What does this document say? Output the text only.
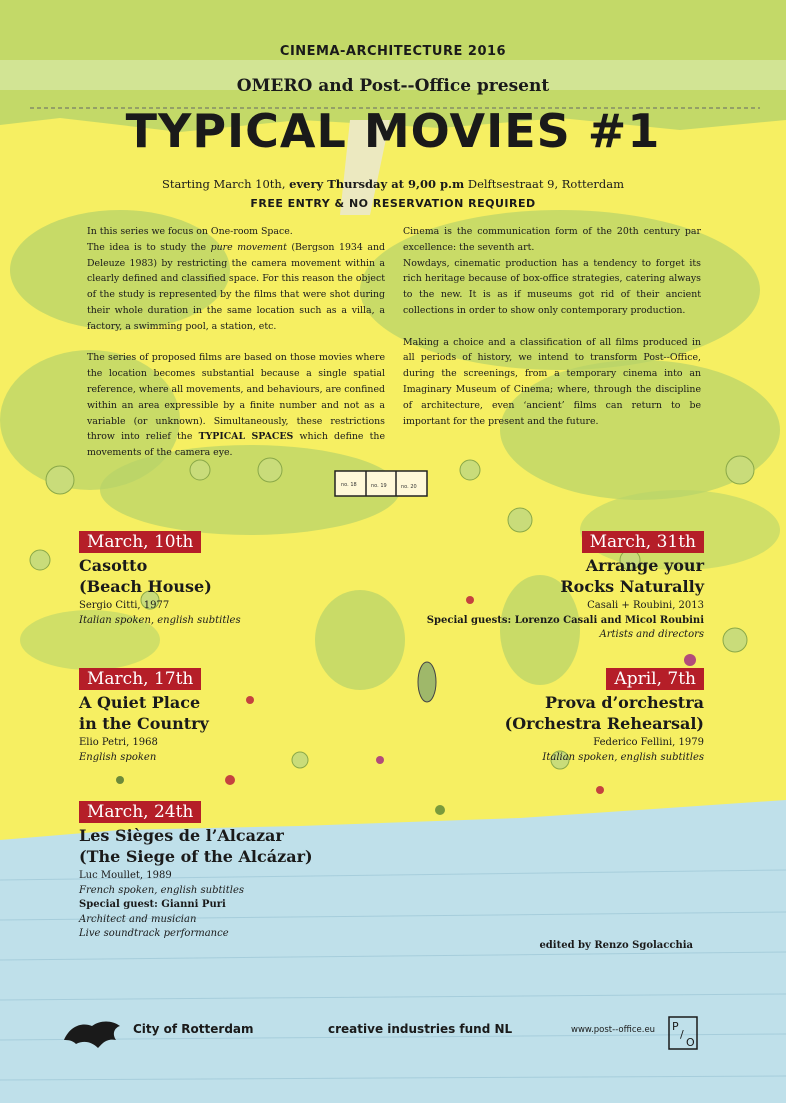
no. 18	no. 19	no. 20
CINEMA-ARCHITECTURE 2016
OMERO and Post--Office present
TYPICAL MOVIES #1
Starting March 10th, every Thursday at 9,00 p.m Delftsestraat 9, Rotterdam
FREE ENTRY & NO RESERVATION REQUIRED

In this series we focus on One-room Space.
The idea is to study the pure movement (Bergson 1934 and Deleuze 1983) by restricting the camera movement within a clearly defined and classified space. For this reason the object of the study is represented by the films that were shot during their whole duration in the same location such as a villa, a factory, a swimming pool, a station, etc.

The series of proposed films are based on those movies where the location becomes substantial because a single spatial reference, where all movements, and behaviours, are confined within an area expressible by a finite number and not as a variable (or unknown). Simultaneously, these restrictions throw into relief the TYPICAL SPACES which define the movements of the camera eye.

Cinema is the communication form of the 20th century par excellence: the seventh art.

Nowdays, cinematic production has a tendency to forget its rich heritage because of box-office strategies, catering always to the new. It is as if museums got rid of their ancient collections in order to show only contemporary production.

Making a choice and a classification of all films produced in all periods of history, we intend to transform Post--Office, during the screenings, from a temporary cinema into an Imaginary Museum of Cinema; where, through the discipline of architecture, even ‘ancient’ films can return to be important for the present and the future.

March, 10th
Casotto
(Beach House)
Sergio Citti, 1977
Italian spoken, english subtitles
March, 31th
Arrange your
Rocks Naturally
Casali + Roubini, 2013
Special guests: Lorenzo Casali and Micol Roubini
Artists and directors
March, 17th
A Quiet Place
in the Country
Elio Petri, 1968
English spoken
April, 7th
Prova d’orchestra
(Orchestra Rehearsal)
Federico Fellini, 1979
Italian spoken, english subtitles
March, 24th
Les Sièges de l’Alcazar
(The Siege of the Alcázar)
Luc Moullet, 1989
French spoken, english subtitles
Special guest: Gianni Puri
Architect and musician
Live soundtrack performance
edited by Renzo Sgolacchia
City of Rotterdam	creative industries fund NL	www.post--office.eu P
/
O
